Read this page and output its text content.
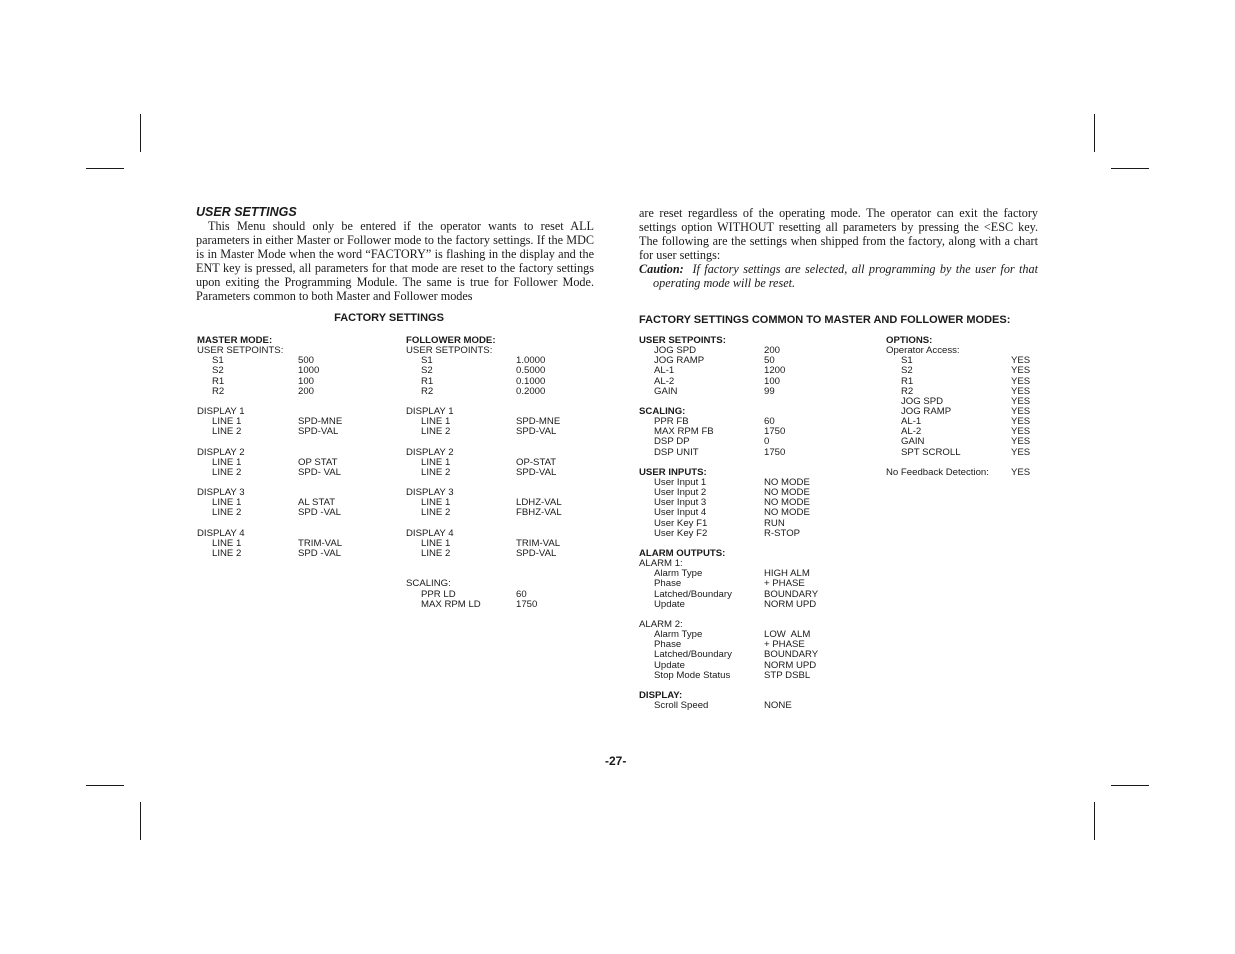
USER SETTINGS

This Menu should only be entered if the operator wants to reset ALL parameters in either Master or Follower mode to the factory settings. If the MDC is in Master Mode when the word “FACTORY” is flashing in the display and the ENT key is pressed, all parameters for that mode are reset to the factory settings upon exiting the Programming Module. The same is true for Follower Mode. Parameters common to both Master and Follower modes

FACTORY SETTINGS
MASTER MODE:
USER SETPOINTS:
S1	500
S2	1000
R1	100
R2	200
DISPLAY 1
LINE 1	SPD-MNE
LINE 2	SPD-VAL
DISPLAY 2
LINE 1	OP STAT
LINE 2	SPD- VAL
DISPLAY 3
LINE 1	AL STAT
LINE 2	SPD -VAL
DISPLAY 4
LINE 1	TRIM-VAL
LINE 2	SPD -VAL
FOLLOWER MODE:
USER SETPOINTS:
S1	1.0000
S2	0.5000
R1	0.1000
R2	0.2000
DISPLAY 1
LINE 1	SPD-MNE
LINE 2	SPD-VAL
DISPLAY 2
LINE 1	OP-STAT
LINE 2	SPD-VAL
DISPLAY 3
LINE 1	LDHZ-VAL
LINE 2	FBHZ-VAL
DISPLAY 4
LINE 1	TRIM-VAL
LINE 2	SPD-VAL
SCALING:
PPR LD	60
MAX RPM LD	1750

are reset regardless of the operating mode. The operator can exit the factory settings option WITHOUT resetting all parameters by pressing the <ESC key. The following are the settings when shipped from the factory, along with a chart for user settings:

Caution: If factory settings are selected, all programming by the user for that operating mode will be reset.

FACTORY SETTINGS COMMON TO MASTER AND FOLLOWER MODES:
USER SETPOINTS:
JOG SPD	200
JOG RAMP	50
AL-1	1200
AL-2	100
GAIN	99
SCALING:
PPR FB	60
MAX RPM FB	1750
DSP DP	0
DSP UNIT	1750
USER INPUTS:
User Input 1	NO MODE
User Input 2	NO MODE
User Input 3	NO MODE
User Input 4	NO MODE
User Key F1	RUN
User Key F2	R-STOP
ALARM OUTPUTS:
ALARM 1:
Alarm Type	HIGH ALM
Phase	+ PHASE
Latched/Boundary	BOUNDARY
Update	NORM UPD
ALARM 2:
Alarm Type	LOW  ALM
Phase	+ PHASE
Latched/Boundary	BOUNDARY
Update	NORM UPD
Stop Mode Status	STP DSBL
DISPLAY:
Scroll Speed	NONE
OPTIONS:
Operator Access:
S1	YES
S2	YES
R1	YES
R2	YES
JOG SPD	YES
JOG RAMP	YES
AL-1	YES
AL-2	YES
GAIN	YES
SPT SCROLL	YES
No Feedback Detection: YES
-27-
